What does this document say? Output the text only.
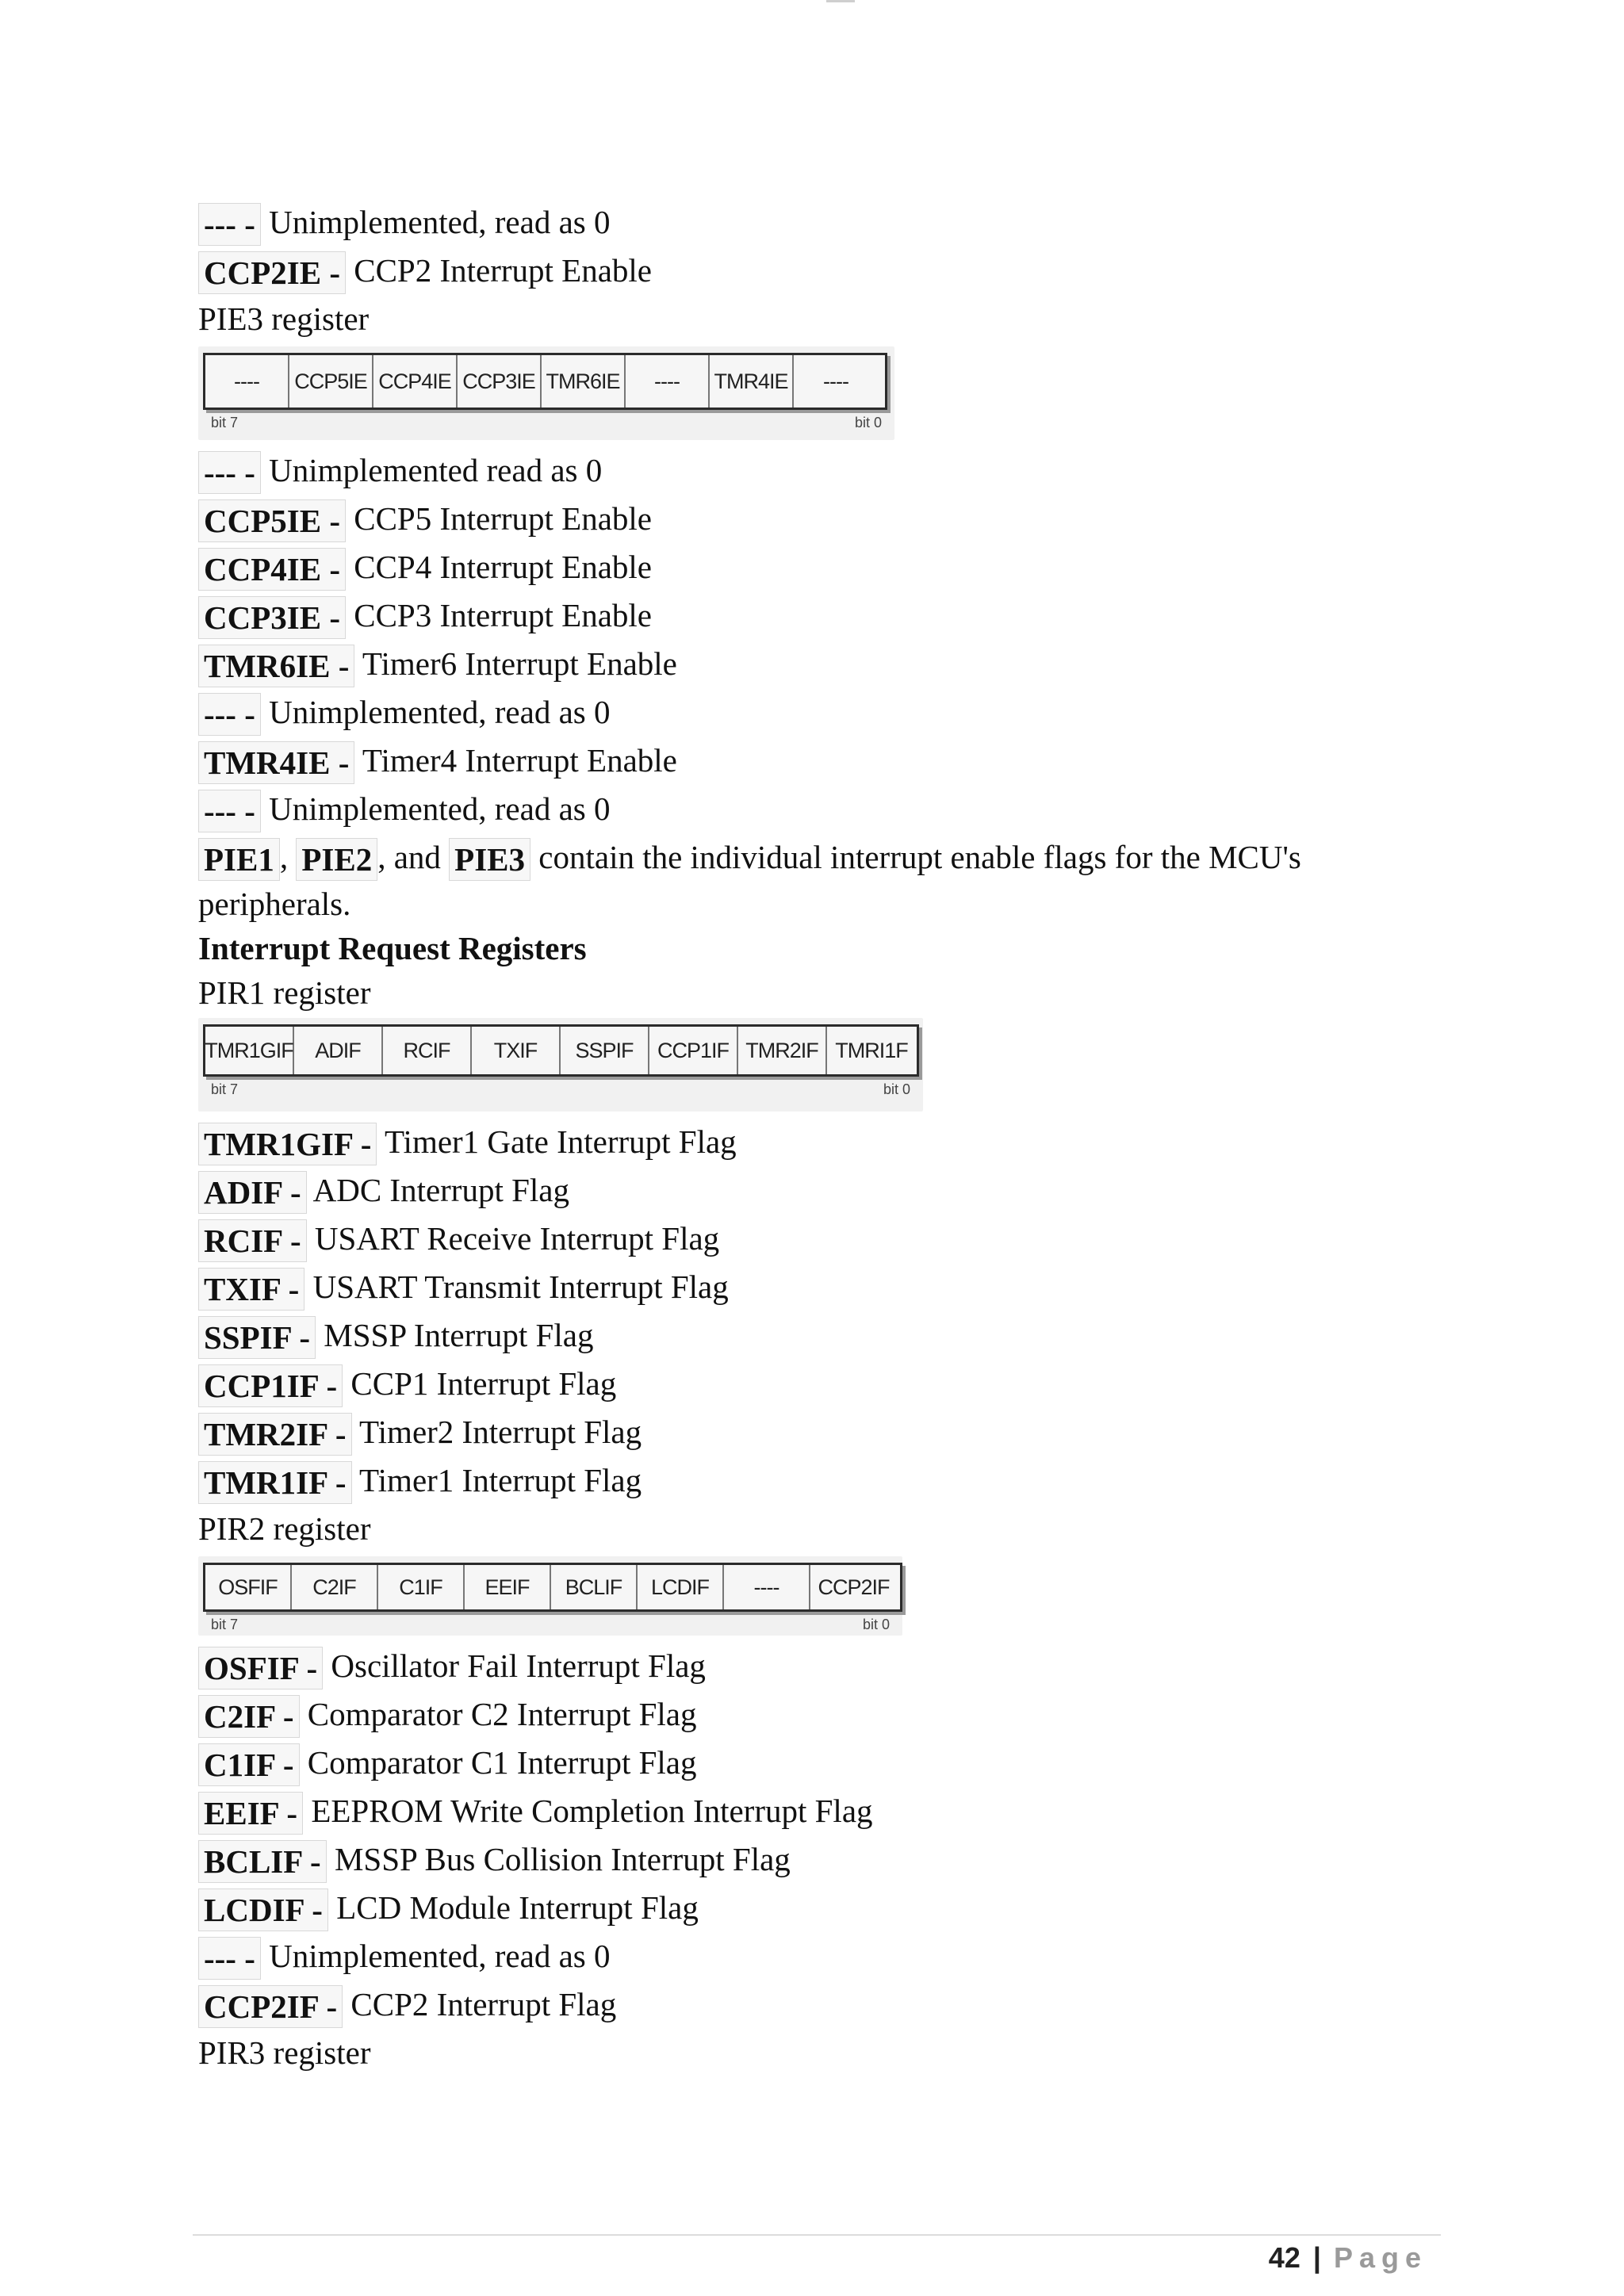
--- - Unimplemented, read as 0
CCP2IE - CCP2 Interrupt Enable
PIE3 register
----	CCP5IE CCP4IE CCP3IE TMR6IE	----	TMR4IE	----
bit 7	bit 0
--- - Unimplemented read as 0
CCP5IE - CCP5 Interrupt Enable
CCP4IE - CCP4 Interrupt Enable
CCP3IE - CCP3 Interrupt Enable
TMR6IE - Timer6 Interrupt Enable
--- - Unimplemented, read as 0
TMR4IE - Timer4 Interrupt Enable
--- - Unimplemented, read as 0
PIE1 , PIE2 , and PIE3 contain the individual interrupt enable flags for the MCU's
peripherals.
Interrupt Request Registers
PIR1 register
TMR1GIF	ADIF	RCIF	TXIF	SSPIF	CCP1IF TMR2IF TMRI1F
bit 7	bit 0
TMR1GIF - Timer1 Gate Interrupt Flag
ADIF - ADC Interrupt Flag
RCIF - USART Receive Interrupt Flag
TXIF - USART Transmit Interrupt Flag
SSPIF - MSSP Interrupt Flag
CCP1IF - CCP1 Interrupt Flag
TMR2IF - Timer2 Interrupt Flag
TMR1IF - Timer1 Interrupt Flag
PIR2 register
OSFIF	C2IF	C1IF	EEIF	BCLIF	LCDIF	----	CCP2IF
bit 7	bit 0
OSFIF - Oscillator Fail Interrupt Flag
C2IF - Comparator C2 Interrupt Flag
C1IF - Comparator C1 Interrupt Flag
EEIF - EEPROM Write Completion Interrupt Flag
BCLIF - MSSP Bus Collision Interrupt Flag
LCDIF - LCD Module Interrupt Flag
--- - Unimplemented, read as 0
CCP2IF - CCP2 Interrupt Flag
PIR3 register
42 | Page
